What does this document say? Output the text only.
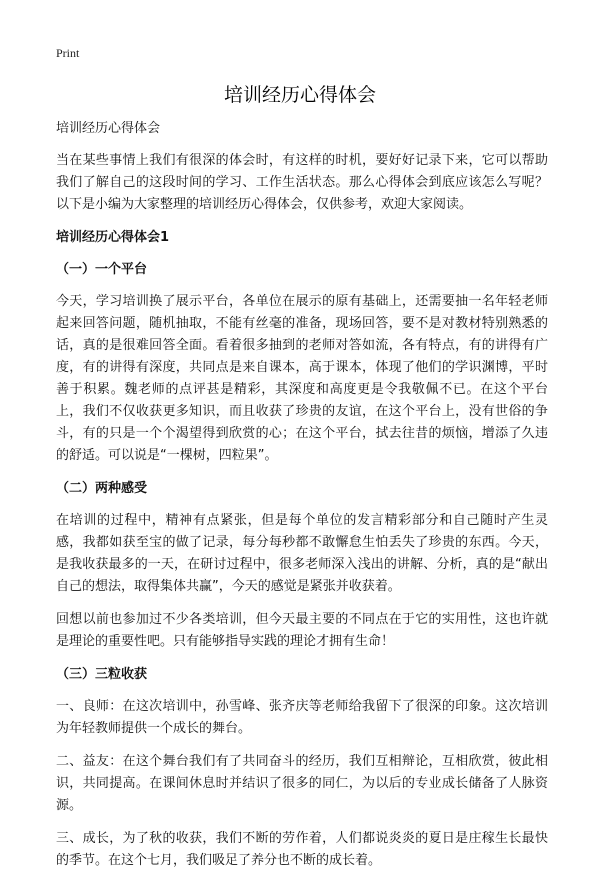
Print
培训经历心得体会

培训经历心得体会

当在某些事情上我们有很深的体会时，有这样的时机，要好好记录下来，它可以帮助我们了解自己的这段时间的学习、工作生活状态。那么心得体会到底应该怎么写呢？以下是小编为大家整理的培训经历心得体会，仅供参考，欢迎大家阅读。

培训经历心得体会1

（一）一个平台

今天，学习培训换了展示平台，各单位在展示的原有基础上，还需要抽一名年轻老师起来回答问题，随机抽取，不能有丝毫的准备，现场回答，要不是对教材特别熟悉的话，真的是很难回答全面。看着很多抽到的老师对答如流，各有特点，有的讲得有广度，有的讲得有深度，共同点是来自课本，高于课本，体现了他们的学识渊博，平时善于积累。魏老师的点评甚是精彩，其深度和高度更是令我敬佩不已。在这个平台上，我们不仅收获更多知识，而且收获了珍贵的友谊，在这个平台上，没有世俗的争斗，有的只是一个个渴望得到欣赏的心；在这个平台，拭去往昔的烦恼，增添了久违的舒适。可以说是“一棵树，四粒果”。

（二）两种感受

在培训的过程中，精神有点紧张，但是每个单位的发言精彩部分和自己随时产生灵感，我都如获至宝的做了记录，每分每秒都不敢懈怠生怕丢失了珍贵的东西。今天，是我收获最多的一天，在研讨过程中，很多老师深入浅出的讲解、分析，真的是“献出自己的想法，取得集体共赢”，今天的感觉是紧张并收获着。

回想以前也参加过不少各类培训，但今天最主要的不同点在于它的实用性，这也许就是理论的重要性吧。只有能够指导实践的理论才拥有生命！

（三）三粒收获

一、良师：在这次培训中，孙雪峰、张齐庆等老师给我留下了很深的印象。这次培训为年轻教师提供一个成长的舞台。

二、益友：在这个舞台我们有了共同奋斗的经历，我们互相辩论，互相欣赏，彼此相识，共同提高。在课间休息时并结识了很多的同仁，为以后的专业成长储备了人脉资源。

三、成长，为了秋的收获，我们不断的劳作着，人们都说炎炎的夏日是庄稼生长最快的季节。在这个七月，我们吸足了养分也不断的成长着。
